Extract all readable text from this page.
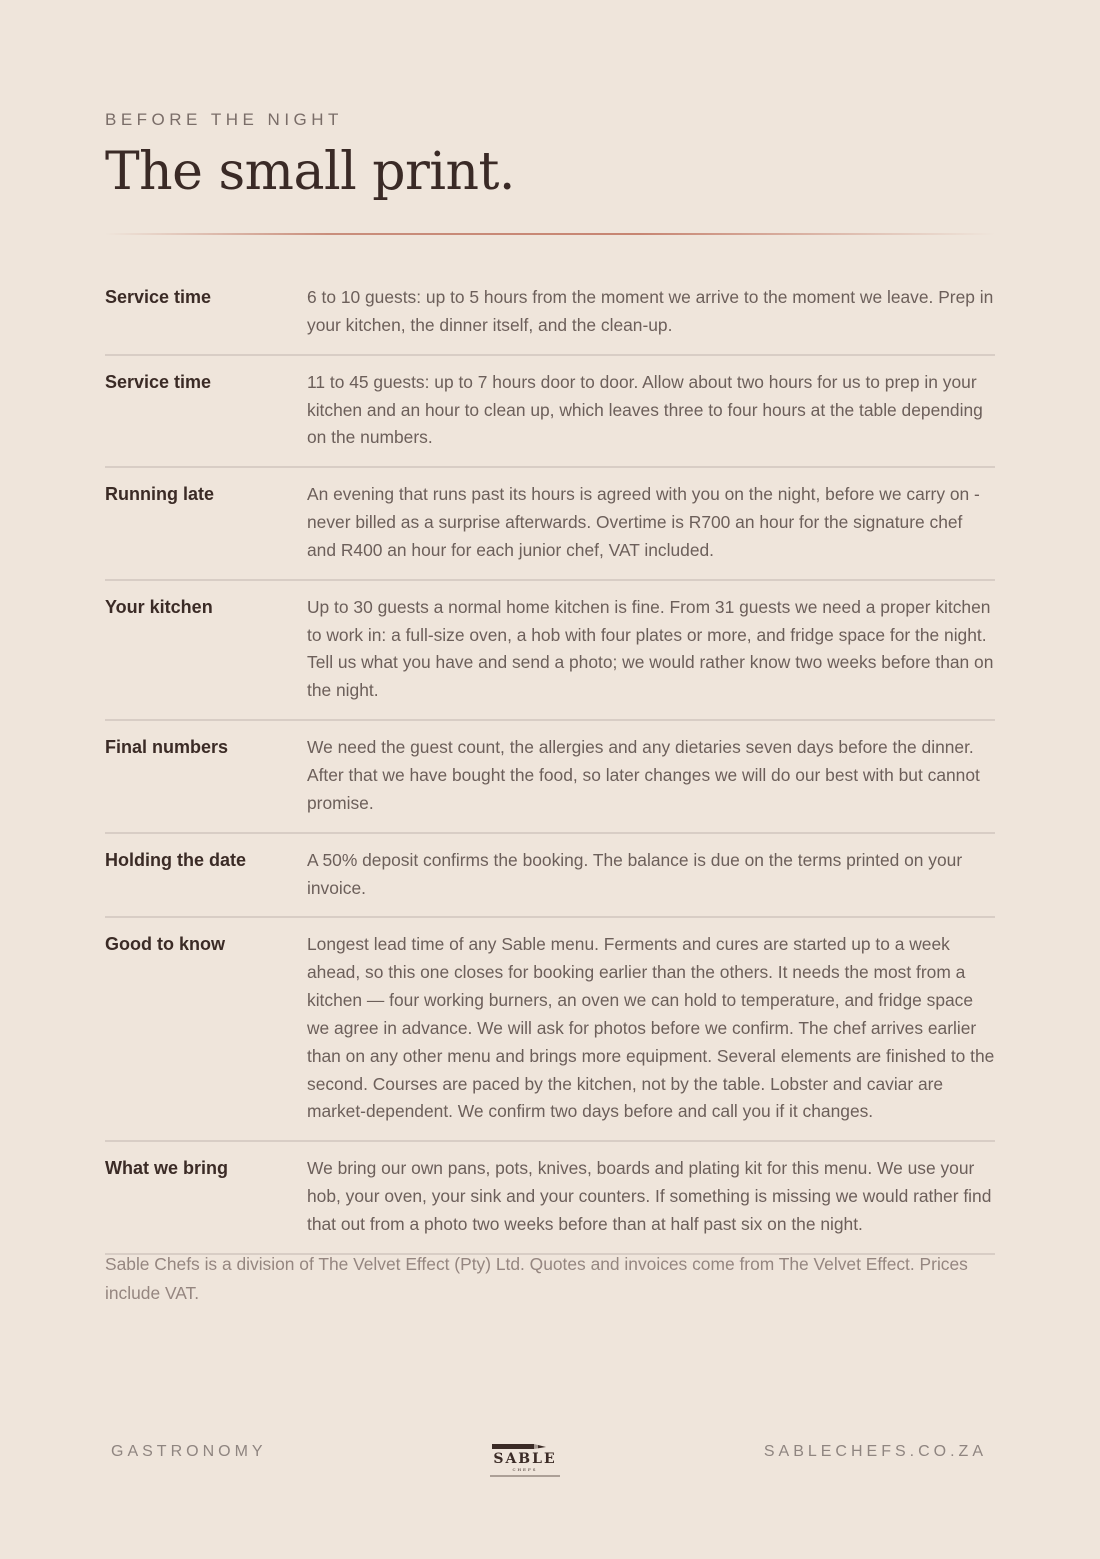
BEFORE THE NIGHT
The small print.
Service time	6 to 10 guests: up to 5 hours from the moment we arrive to the moment we leave. Prep in your kitchen, the dinner itself, and the clean-up.
Service time	11 to 45 guests: up to 7 hours door to door. Allow about two hours for us to prep in your kitchen and an hour to clean up, which leaves three to four hours at the table depending on the numbers.
Running late	An evening that runs past its hours is agreed with you on the night, before we carry on - never billed as a surprise afterwards. Overtime is R700 an hour for the signature chef and R400 an hour for each junior chef, VAT included.
Your kitchen	Up to 30 guests a normal home kitchen is fine. From 31 guests we need a proper kitchen to work in: a full-size oven, a hob with four plates or more, and fridge space for the night. Tell us what you have and send a photo; we would rather know two weeks before than on the night.
Final numbers	We need the guest count, the allergies and any dietaries seven days before the dinner. After that we have bought the food, so later changes we will do our best with but cannot promise.
Holding the date	A 50% deposit confirms the booking. The balance is due on the terms printed on your invoice.
Good to know	Longest lead time of any Sable menu. Ferments and cures are started up to a week ahead, so this one closes for booking earlier than the others. It needs the most from a kitchen — four working burners, an oven we can hold to temperature, and fridge space we agree in advance. We will ask for photos before we confirm. The chef arrives earlier than on any other menu and brings more equipment. Several elements are finished to the second. Courses are paced by the kitchen, not by the table. Lobster and caviar are market-dependent. We confirm two days before and call you if it changes.
What we bring	We bring our own pans, pots, knives, boards and plating kit for this menu. We use your hob, your oven, your sink and your counters. If something is missing we would rather find that out from a photo two weeks before than at half past six on the night.
Sable Chefs is a division of The Velvet Effect (Pty) Ltd. Quotes and invoices come from The Velvet Effect. Prices include VAT.
GASTRONOMY	SABLE
CHEFS
SABLECHEFS.CO.ZA
